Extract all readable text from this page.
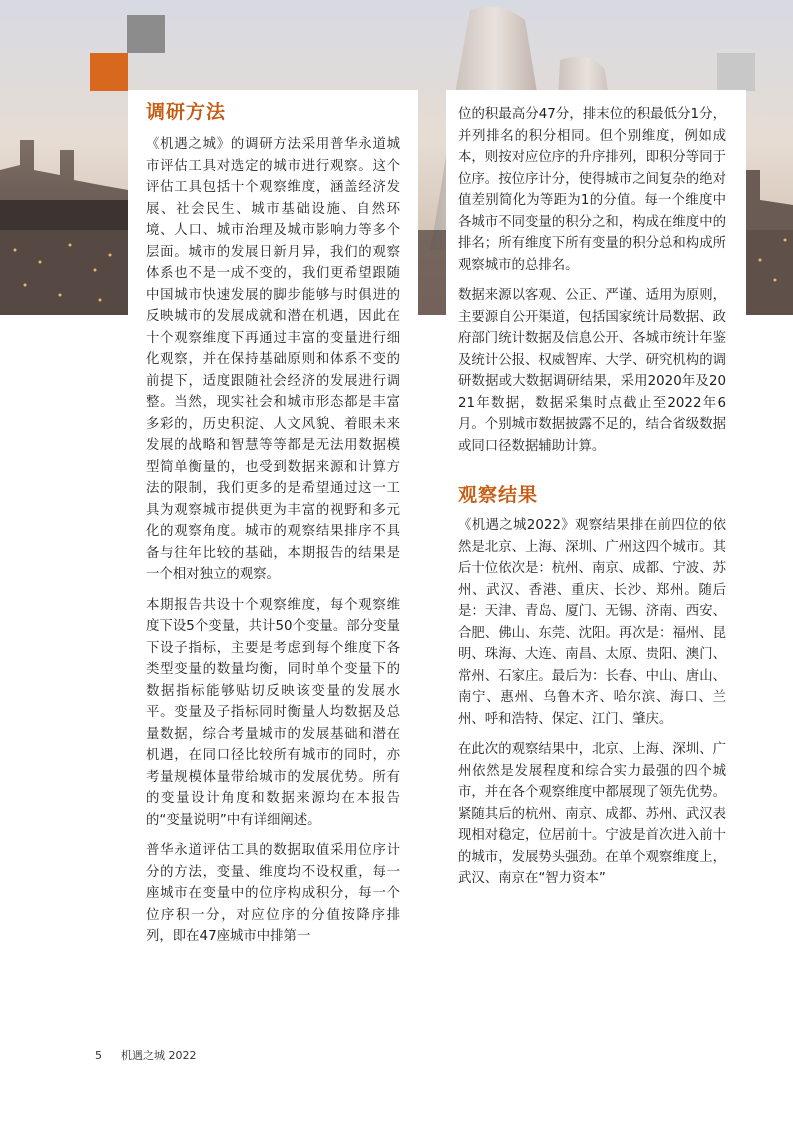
调研方法

《机遇之城》的调研方法采用普华永道城市评估工具对选定的城市进行观察。这个评估工具包括十个观察维度，涵盖经济发展、社会民生、城市基础设施、自然环境、人口、城市治理及城市影响力等多个层面。城市的发展日新月异，我们的观察体系也不是一成不变的，我们更希望跟随中国城市快速发展的脚步能够与时俱进的反映城市的发展成就和潜在机遇，因此在十个观察维度下再通过丰富的变量进行细化观察，并在保持基础原则和体系不变的前提下，适度跟随社会经济的发展进行调整。当然，现实社会和城市形态都是丰富多彩的，历史积淀、人文风貌、着眼未来发展的战略和智慧等等都是无法用数据模型简单衡量的，也受到数据来源和计算方法的限制，我们更多的是希望通过这一工具为观察城市提供更为丰富的视野和多元化的观察角度。城市的观察结果排序不具备与往年比较的基础，本期报告的结果是一个相对独立的观察。

本期报告共设十个观察维度，每个观察维度下设5个变量，共计50个变量。部分变量下设子指标，主要是考虑到每个维度下各类型变量的数量均衡，同时单个变量下的数据指标能够贴切反映该变量的发展水平。变量及子指标同时衡量人均数据及总量数据，综合考量城市的发展基础和潜在机遇，在同口径比较所有城市的同时，亦考量规模体量带给城市的发展优势。所有的变量设计角度和数据来源均在本报告的“变量说明”中有详细阐述。

普华永道评估工具的数据取值采用位序计分的方法，变量、维度均不设权重，每一座城市在变量中的位序构成积分，每一个位序积一分，对应位序的分值按降序排列，即在47座城市中排第一

位的积最高分47分，排末位的积最低分1分，并列排名的积分相同。但个别维度，例如成本，则按对应位序的升序排列，即积分等同于位序。按位序计分，使得城市之间复杂的绝对值差别简化为等距为1的分值。每一个维度中各城市不同变量的积分之和，构成在维度中的排名；所有维度下所有变量的积分总和构成所观察城市的总排名。

数据来源以客观、公正、严谨、适用为原则，主要源自公开渠道，包括国家统计局数据、政府部门统计数据及信息公开、各城市统计年鉴及统计公报、权威智库、大学、研究机构的调研数据或大数据调研结果，采用2020年及2021年数据，数据采集时点截止至2022年6月。个别城市数据披露不足的，结合省级数据或同口径数据辅助计算。

观察结果

《机遇之城2022》观察结果排在前四位的依然是北京、上海、深圳、广州这四个城市。其后十位依次是：杭州、南京、成都、宁波、苏州、武汉、香港、重庆、长沙、郑州。随后是：天津、青岛、厦门、无锡、济南、西安、合肥、佛山、东莞、沈阳。再次是：福州、昆明、珠海、大连、南昌、太原、贵阳、澳门、常州、石家庄。最后为：长春、中山、唐山、南宁、惠州、乌鲁木齐、哈尔滨、海口、兰州、呼和浩特、保定、江门、肇庆。

在此次的观察结果中，北京、上海、深圳、广州依然是发展程度和综合实力最强的四个城市，并在各个观察维度中都展现了领先优势。紧随其后的杭州、南京、成都、苏州、武汉表现相对稳定，位居前十。宁波是首次进入前十的城市，发展势头强劲。在单个观察维度上，武汉、南京在“智力资本”

5 机遇之城 2022
